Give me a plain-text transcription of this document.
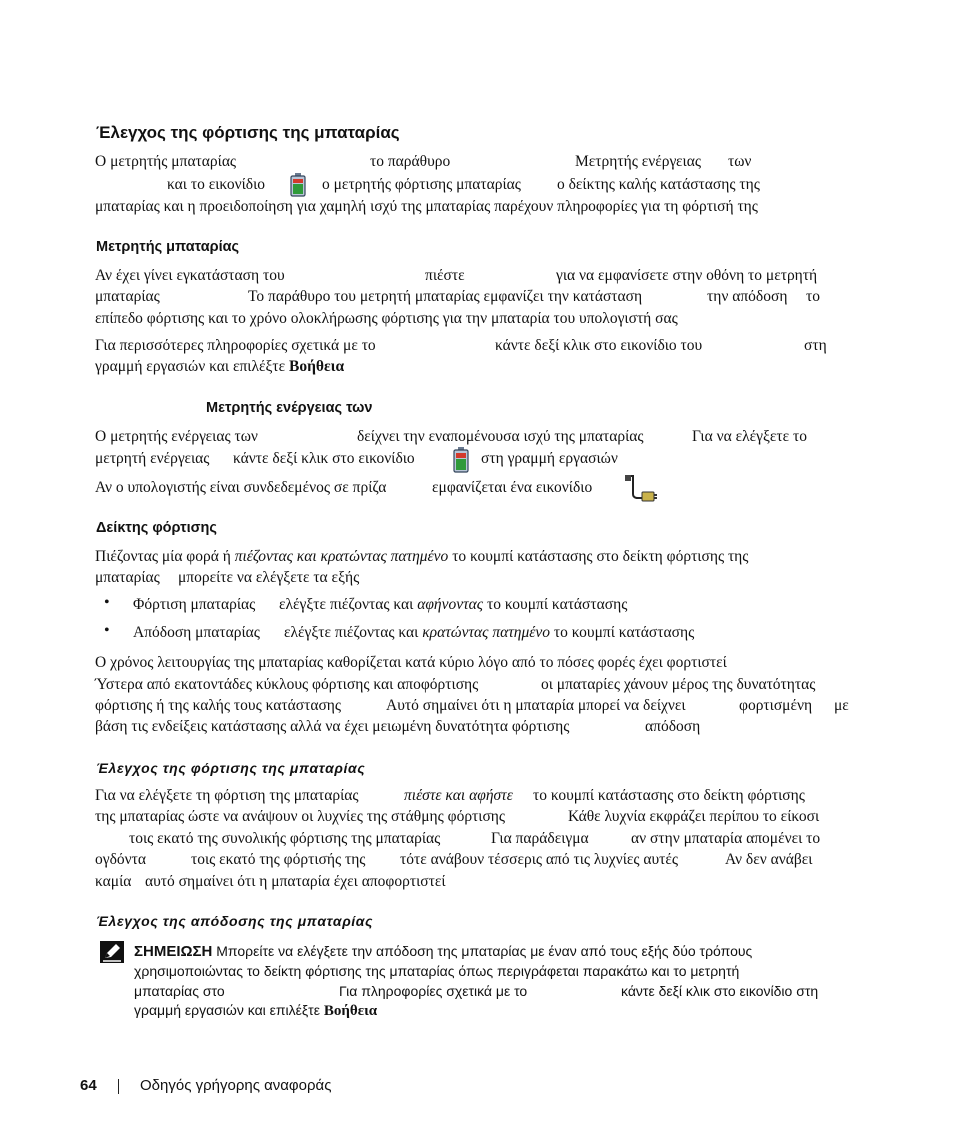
Έλεγχος της φόρτισης της μπαταρίας
Ο μετρητής μπαταρίας	το παράθυρο	Μετρητής ενέργειας των
και το εικονίδιο	ο μετρητής φόρτισης μπαταρίας ο δείκτης καλής κατάστασης της
μπαταρίας και η προειδοποίηση για χαμηλή ισχύ της μπαταρίας παρέχουν πληροφορίες για τη φόρτισή της
Μετρητής μπαταρίας
Αν έχει γίνει εγκατάσταση του	πιέστε	για να εμφανίσετε στην οθόνη το μετρητή
μπαταρίας	Το παράθυρο του μετρητή μπαταρίας εμφανίζει την κατάσταση	την απόδοση το
επίπεδο φόρτισης και το χρόνο ολοκλήρωσης φόρτισης για την μπαταρία του υπολογιστή σας
Για περισσότερες πληροφορίες σχετικά με το	κάντε δεξί κλικ στο εικονίδιο του	στη
γραμμή εργασιών και επιλέξτε Βοήθεια
Μετρητής ενέργειας των
Ο μετρητής ενέργειας των	δείχνει την εναπομένουσα ισχύ της μπαταρίας	Για να ελέγξετε το
μετρητή ενέργειας κάντε δεξί κλικ στο εικονίδιο	στη γραμμή εργασιών
Αν ο υπολογιστής είναι συνδεδεμένος σε πρίζα	εμφανίζεται ένα εικονίδιο
Δείκτης φόρτισης
Πιέζοντας μία φορά ή πιέζοντας και κρατώντας πατημένο το κουμπί κατάστασης στο δείκτη φόρτισης της
μπαταρίας μπορείτε να ελέγξετε τα εξής
• Φόρτιση μπαταρίας ελέγξτε πιέζοντας και αφήνοντας το κουμπί κατάστασης
• Απόδοση μπαταρίας ελέγξτε πιέζοντας και κρατώντας πατημένο το κουμπί κατάστασης
Ο χρόνος λειτουργίας της μπαταρίας καθορίζεται κατά κύριο λόγο από το πόσες φορές έχει φορτιστεί
Ύστερα από εκατοντάδες κύκλους φόρτισης και αποφόρτισης	οι μπαταρίες χάνουν μέρος της δυνατότητας
φόρτισης ή της καλής τους κατάστασης	Αυτό σημαίνει ότι η μπαταρία μπορεί να δείχνει	φορτισμένη με
βάση τις ενδείξεις κατάστασης αλλά να έχει μειωμένη δυνατότητα φόρτισης	απόδοση
Έλεγχος της φόρτισης της μπαταρίας
Για να ελέγξετε τη φόρτιση της μπαταρίας	πιέστε και αφήστε το κουμπί κατάστασης στο δείκτη φόρτισης
της μπαταρίας ώστε να ανάψουν οι λυχνίες της στάθμης φόρτισης	Κάθε λυχνία εκφράζει περίπου το είκοσι
τοις εκατό της συνολικής φόρτισης της μπαταρίας	Για παράδειγμα	αν στην μπαταρία απομένει το
ογδόντα	τοις εκατό της φόρτισής της τότε ανάβουν τέσσερις από τις λυχνίες αυτές	Αν δεν ανάβει
καμία αυτό σημαίνει ότι η μπαταρία έχει αποφορτιστεί
Έλεγχος της απόδοσης της μπαταρίας
ΣΗΜΕΙΩΣΗ Μπορείτε να ελέγξετε την απόδοση της μπαταρίας με έναν από τους εξής δύο τρόπους
χρησιμοποιώντας το δείκτη φόρτισης της μπαταρίας όπως περιγράφεται παρακάτω και το μετρητή
μπαταρίας στο	Για πληροφορίες σχετικά με το	κάντε δεξί κλικ στο εικονίδιο στη
γραμμή εργασιών και επιλέξτε Βοήθεια
64	Οδηγός γρήγορης αναφοράς
